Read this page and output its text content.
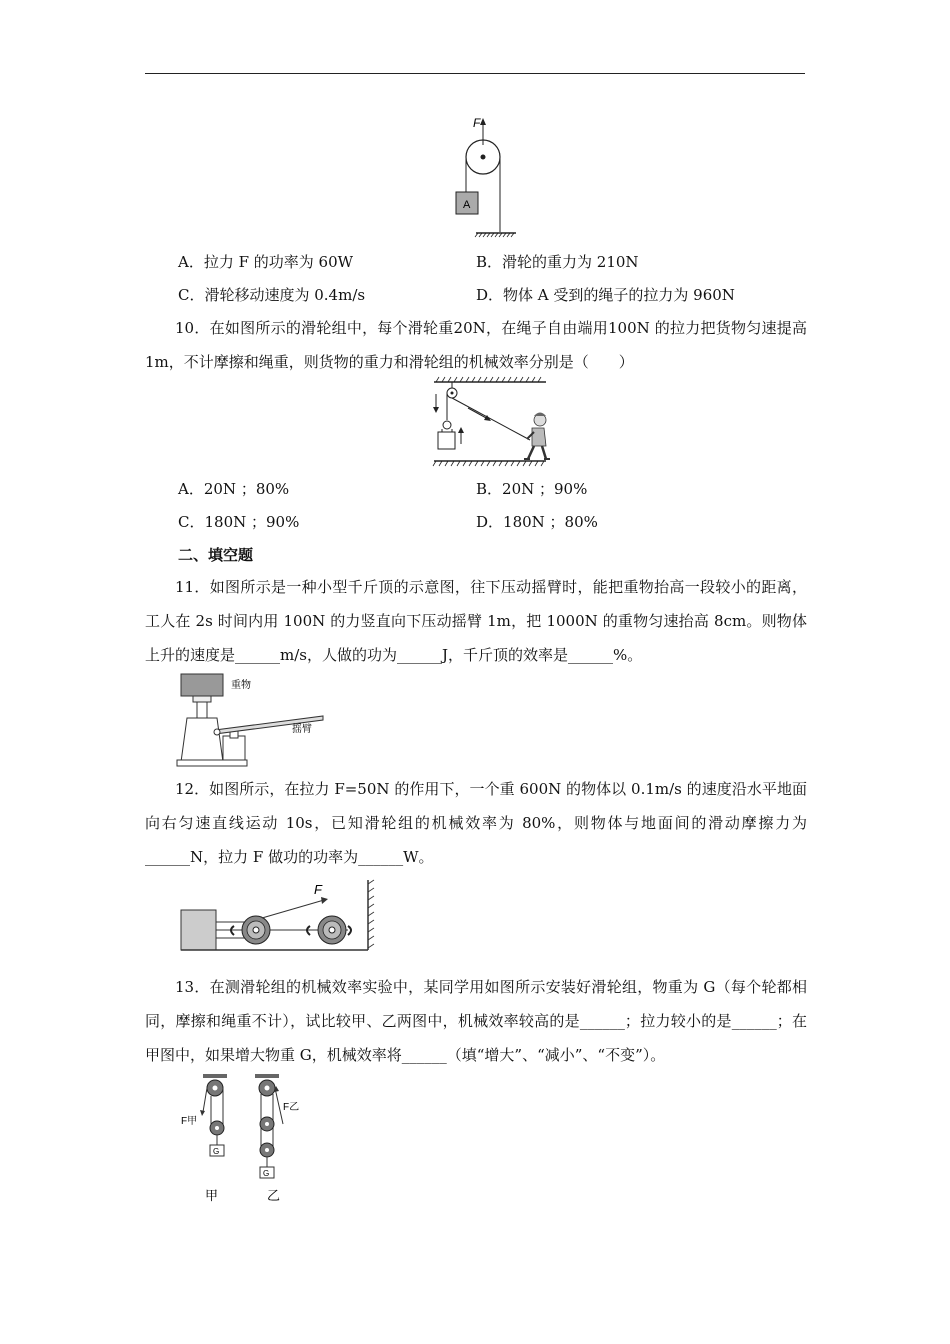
F
A
A．拉力 F 的功率为 60W	B．滑轮的重力为 210N
C．滑轮移动速度为 0.4m/s	D．物体 A 受到的绳子的拉力为 960N
10．在如图所示的滑轮组中，每个滑轮重20N，在绳子自由端用100N 的拉力把货物匀速提高1m，不计摩擦和绳重，则货物的重力和滑轮组的机械效率分别是（　　）
A．20N ；80%	B．20N ；90%
C．180N ；90%	D．180N ；80%
二、填空题
11．如图所示是一种小型千斤顶的示意图，往下压动摇臂时，能把重物抬高一段较小的距离，工人在 2s 时间内用 100N 的力竖直向下压动摇臂 1m，把 1000N 的重物匀速抬高 8cm。则物体上升的速度是______m/s，人做的功为______J，千斤顶的效率是______%。
重物
摇臂
12．如图所示，在拉力 F=50N 的作用下，一个重 600N 的物体以 0.1m/s 的速度沿水平地面向右匀速直线运动 10s，已知滑轮组的机械效率为 80%，则物体与地面间的滑动摩擦力为______N，拉力 F 做功的功率为______W。
F
13．在测滑轮组的机械效率实验中，某同学用如图所示安装好滑轮组，物重为 G（每个轮都相同，摩擦和绳重不计），试比较甲、乙两图中，机械效率较高的是______；拉力较小的是______；在甲图中，如果增大物重 G，机械效率将______（填“增大”、“减小”、“不变”）。
F甲
G
甲
F乙
G
乙
